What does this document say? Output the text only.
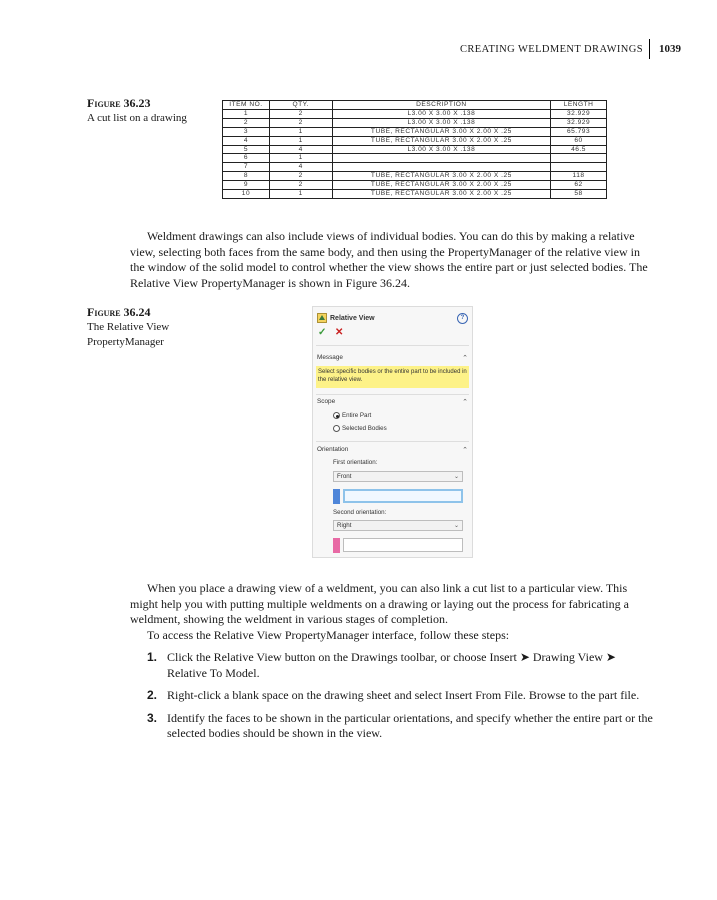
CREATING WELDMENT DRAWINGS 1039
Figure 36.23
A cut list on a drawing
ITEM NO.	QTY.	DESCRIPTION	LENGTH
1	2	L3.00 X 3.00 X .138	32.929
2	2	L3.00 X 3.00 X .138	32.929
3	1	TUBE, RECTANGULAR 3.00 X 2.00 X .25	65.793
4	1	TUBE, RECTANGULAR 3.00 X 2.00 X .25	60
5	4	L3.00 X 3.00 X .138	46.5
6	1		
7	4		
8	2	TUBE, RECTANGULAR 3.00 X 2.00 X .25	118
9	2	TUBE, RECTANGULAR 3.00 X 2.00 X .25	62
10	1	TUBE, RECTANGULAR 3.00 X 2.00 X .25	58

Weldment drawings can also include views of individual bodies. You can do this by making a relative view, selecting both faces from the same body, and then using the PropertyManager of the relative view in the window of the solid model to control whether the view shows the entire part or just selected bodies. The Relative View PropertyManager is shown in Figure 36.24.

Figure 36.24
The Relative View
PropertyManager
Relative View	?
✓ ✕
Message	⌃
Select specific bodies or the entire part to be included in the relative view.
Scope	⌃
Entire Part
Selected Bodies
Orientation	⌃
First orientation:
Front	⌄
Second orientation:
Right	⌄

When you place a drawing view of a weldment, you can also link a cut list to a particular view. This might help you with putting multiple weldments on a drawing or laying out the process for fabricating a weldment, showing the weldment in various stages of completion.

To access the Relative View PropertyManager interface, follow these steps:

1. Click the Relative View button on the Drawings toolbar, or choose Insert ➤ Drawing View ➤ Relative To Model.
2. Right-click a blank space on the drawing sheet and select Insert From File. Browse to the part file.
3. Identify the faces to be shown in the particular orientations, and specify whether the entire part or the selected bodies should be shown in the view.
